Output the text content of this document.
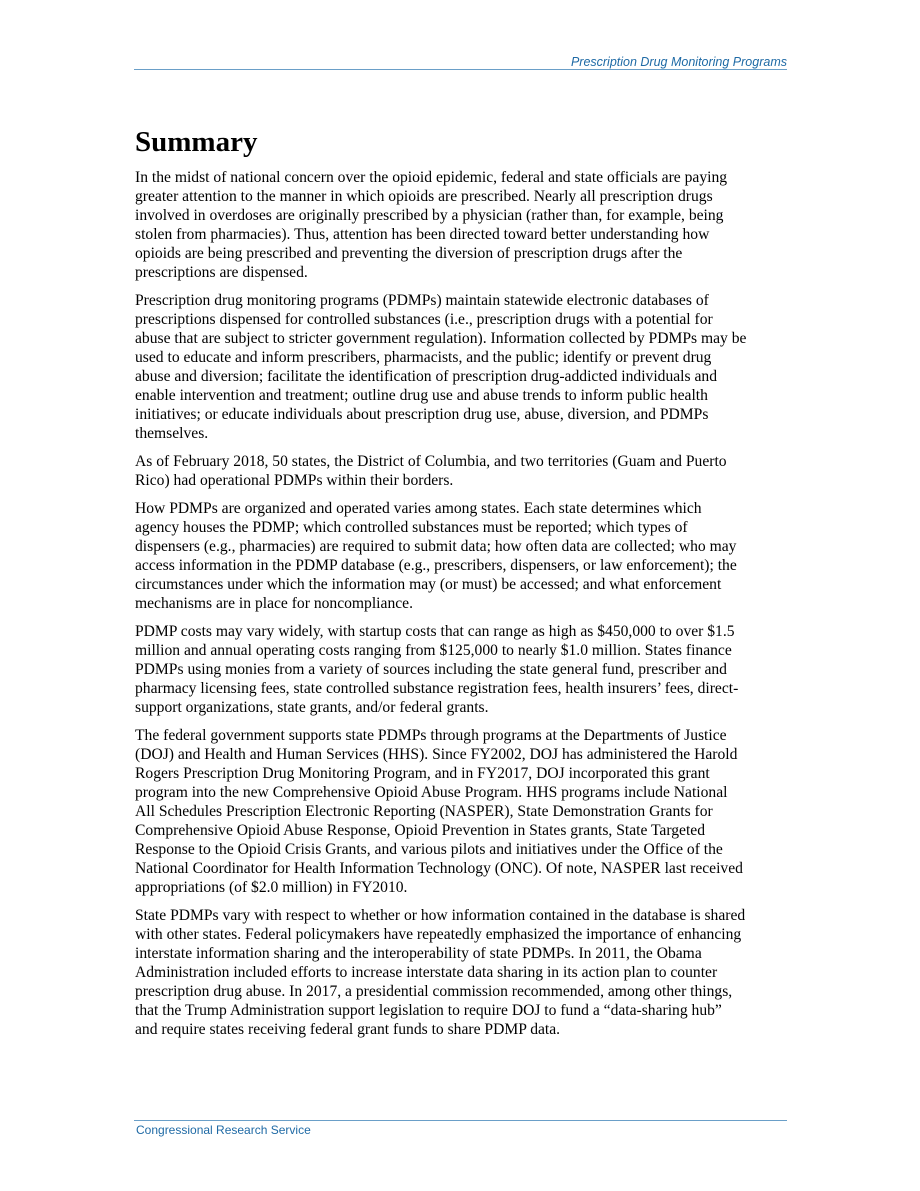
Prescription Drug Monitoring Programs
Summary

In the midst of national concern over the opioid epidemic, federal and state officials are paying
greater attention to the manner in which opioids are prescribed. Nearly all prescription drugs
involved in overdoses are originally prescribed by a physician (rather than, for example, being
stolen from pharmacies). Thus, attention has been directed toward better understanding how
opioids are being prescribed and preventing the diversion of prescription drugs after the
prescriptions are dispensed.

Prescription drug monitoring programs (PDMPs) maintain statewide electronic databases of
prescriptions dispensed for controlled substances (i.e., prescription drugs with a potential for
abuse that are subject to stricter government regulation). Information collected by PDMPs may be
used to educate and inform prescribers, pharmacists, and the public; identify or prevent drug
abuse and diversion; facilitate the identification of prescription drug-addicted individuals and
enable intervention and treatment; outline drug use and abuse trends to inform public health
initiatives; or educate individuals about prescription drug use, abuse, diversion, and PDMPs
themselves.

As of February 2018, 50 states, the District of Columbia, and two territories (Guam and Puerto
Rico) had operational PDMPs within their borders.

How PDMPs are organized and operated varies among states. Each state determines which
agency houses the PDMP; which controlled substances must be reported; which types of
dispensers (e.g., pharmacies) are required to submit data; how often data are collected; who may
access information in the PDMP database (e.g., prescribers, dispensers, or law enforcement); the
circumstances under which the information may (or must) be accessed; and what enforcement
mechanisms are in place for noncompliance.

PDMP costs may vary widely, with startup costs that can range as high as $450,000 to over $1.5
million and annual operating costs ranging from $125,000 to nearly $1.0 million. States finance
PDMPs using monies from a variety of sources including the state general fund, prescriber and
pharmacy licensing fees, state controlled substance registration fees, health insurers’ fees, direct-
support organizations, state grants, and/or federal grants.

The federal government supports state PDMPs through programs at the Departments of Justice
(DOJ) and Health and Human Services (HHS). Since FY2002, DOJ has administered the Harold
Rogers Prescription Drug Monitoring Program, and in FY2017, DOJ incorporated this grant
program into the new Comprehensive Opioid Abuse Program. HHS programs include National
All Schedules Prescription Electronic Reporting (NASPER), State Demonstration Grants for
Comprehensive Opioid Abuse Response, Opioid Prevention in States grants, State Targeted
Response to the Opioid Crisis Grants, and various pilots and initiatives under the Office of the
National Coordinator for Health Information Technology (ONC). Of note, NASPER last received
appropriations (of $2.0 million) in FY2010.

State PDMPs vary with respect to whether or how information contained in the database is shared
with other states. Federal policymakers have repeatedly emphasized the importance of enhancing
interstate information sharing and the interoperability of state PDMPs. In 2011, the Obama
Administration included efforts to increase interstate data sharing in its action plan to counter
prescription drug abuse. In 2017, a presidential commission recommended, among other things,
that the Trump Administration support legislation to require DOJ to fund a “data-sharing hub”
and require states receiving federal grant funds to share PDMP data.

Congressional Research Service
